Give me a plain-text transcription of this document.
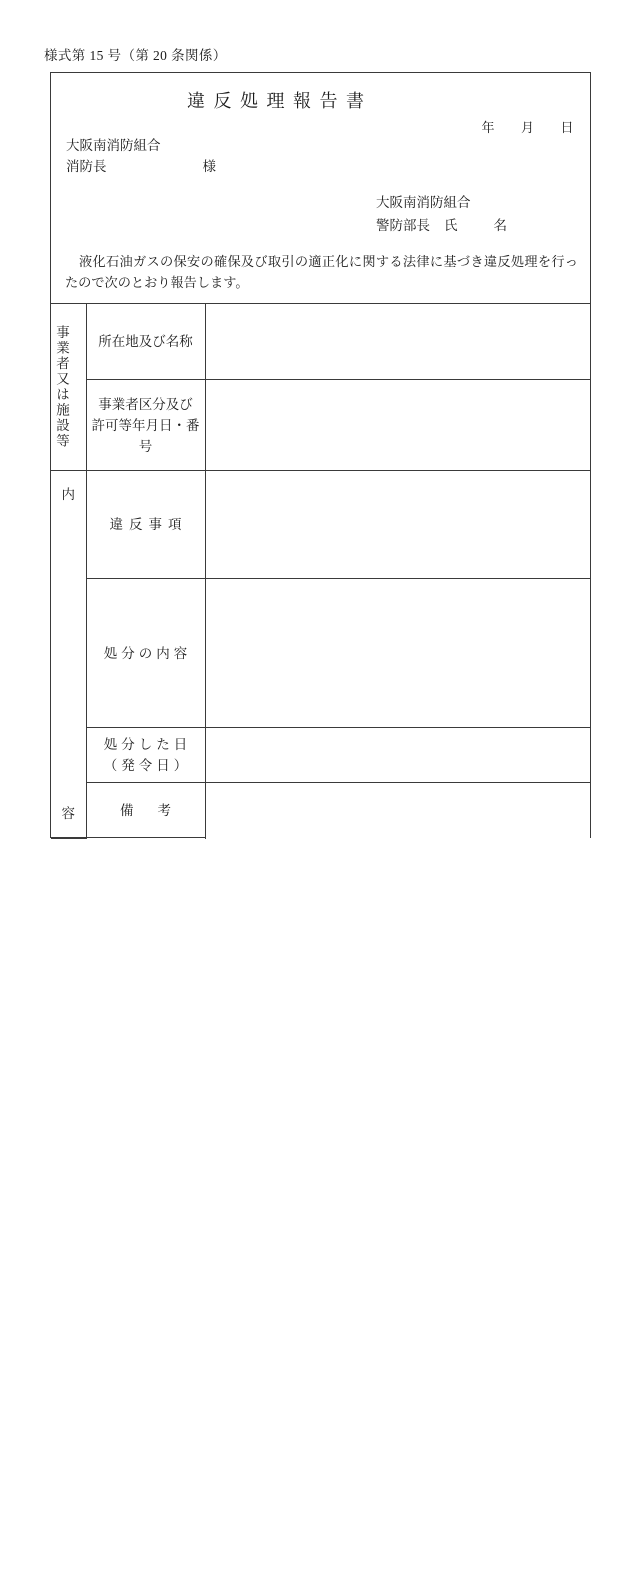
様式第 15 号（第 20 条関係）
違反処理報告書
年 月 日
大阪南消防組合
消防長	様
大阪南消防組合
警防部長 氏	名
液化石油ガスの保安の確保及び取引の適正化に関する法律に基づき違反処理を行ったので次のとおり報告します。
事業者又は施設等	所在地及び名称	

	事業者区分及び
許可等年月日・番号	

内
容	違反事項	
	処分の内容	

	処分した日
（発令日）	

	備考	
